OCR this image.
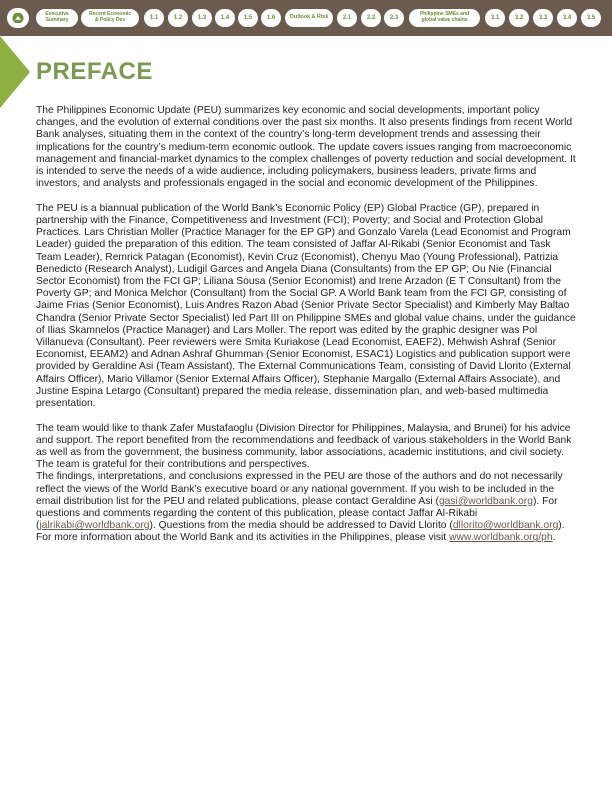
Executive
Summary
Recent Economic
& Policy Dev	1.1	1.2	1.3	1.4	1.5	1.6	Outlook & Risk	2.1	2.2	2.3
Philippine SMEs and
global value chains	3.1	3.2	3.3	3.4	3.5
PREFACE

The Philippines Economic Update (PEU) summarizes key economic and social developments, important policy changes, and the evolution of external conditions over the past six months. It also presents findings from recent World Bank analyses, situating them in the context of the country’s long-term development trends and assessing their implications for the country’s medium-term economic outlook. The update covers issues ranging from macroeconomic management and financial-market dynamics to the complex challenges of poverty reduction and social development. It is intended to serve the needs of a wide audience, including policymakers, business leaders, private firms and investors, and analysts and professionals engaged in the social and economic development of the Philippines.

The PEU is a biannual publication of the World Bank’s Economic Policy (EP) Global Practice (GP), prepared in partnership with the Finance, Competitiveness and Investment (FCI); Poverty; and Social and Protection Global Practices. Lars Christian Moller (Practice Manager for the EP GP) and Gonzalo Varela (Lead Economist and Program Leader) guided the preparation of this edition. The team consisted of Jaffar Al-Rikabi (Senior Economist and Task Team Leader), Remrick Patagan (Economist), Kevin Cruz (Economist), Chenyu Mao (Young Professional), Patrizia Benedicto (Research Analyst), Ludigil Garces and Angela Diana (Consultants) from the EP GP; Ou Nie (Financial Sector Economist) from the FCI GP; Liliana Sousa (Senior Economist) and Irene Arzadon (E T Consultant) from the Poverty GP; and Monica Melchor (Consultant) from the Social GP. A World Bank team from the FCI GP, consisting of Jaime Frias (Senior Economist), Luis Andres Razon Abad (Senior Private Sector Specialist) and Kimberly May Baltao Chandra (Senior Private Sector Specialist) led Part III on Philippine SMEs and global value chains, under the guidance of Ilias Skamnelos (Practice Manager) and Lars Moller. The report was edited by the graphic designer was Pol Villanueva (Consultant). Peer reviewers were Smita Kuriakose (Lead Economist, EAEF2), Mehwish Ashraf (Senior Economist, EEAM2) and Adnan Ashraf Ghumman (Senior Economist, ESAC1) Logistics and publication support were provided by Geraldine Asi (Team Assistant). The External Communications Team, consisting of David Llorito (External Affairs Officer), Mario Villamor (Senior External Affairs Officer), Stephanie Margallo (External Affairs Associate), and Justine Espina Letargo (Consultant) prepared the media release, dissemination plan, and web-based multimedia presentation.

The team would like to thank Zafer Mustafaoglu (Division Director for Philippines, Malaysia, and Brunei) for his advice and support. The report benefited from the recommendations and feedback of various stakeholders in the World Bank as well as from the government, the business community, labor associations, academic institutions, and civil society. The team is grateful for their contributions and perspectives.

The findings, interpretations, and conclusions expressed in the PEU are those of the authors and do not necessarily reflect the views of the World Bank’s executive board or any national government. If you wish to be included in the email distribution list for the PEU and related publications, please contact Geraldine Asi (gasi@worldbank.org). For questions and comments regarding the content of this publication, please contact Jaffar Al-Rikabi (jalrikabi@worldbank.org). Questions from the media should be addressed to David Llorito (dllorito@worldbank.org). For more information about the World Bank and its activities in the Philippines, please visit www.worldbank.org/ph.
